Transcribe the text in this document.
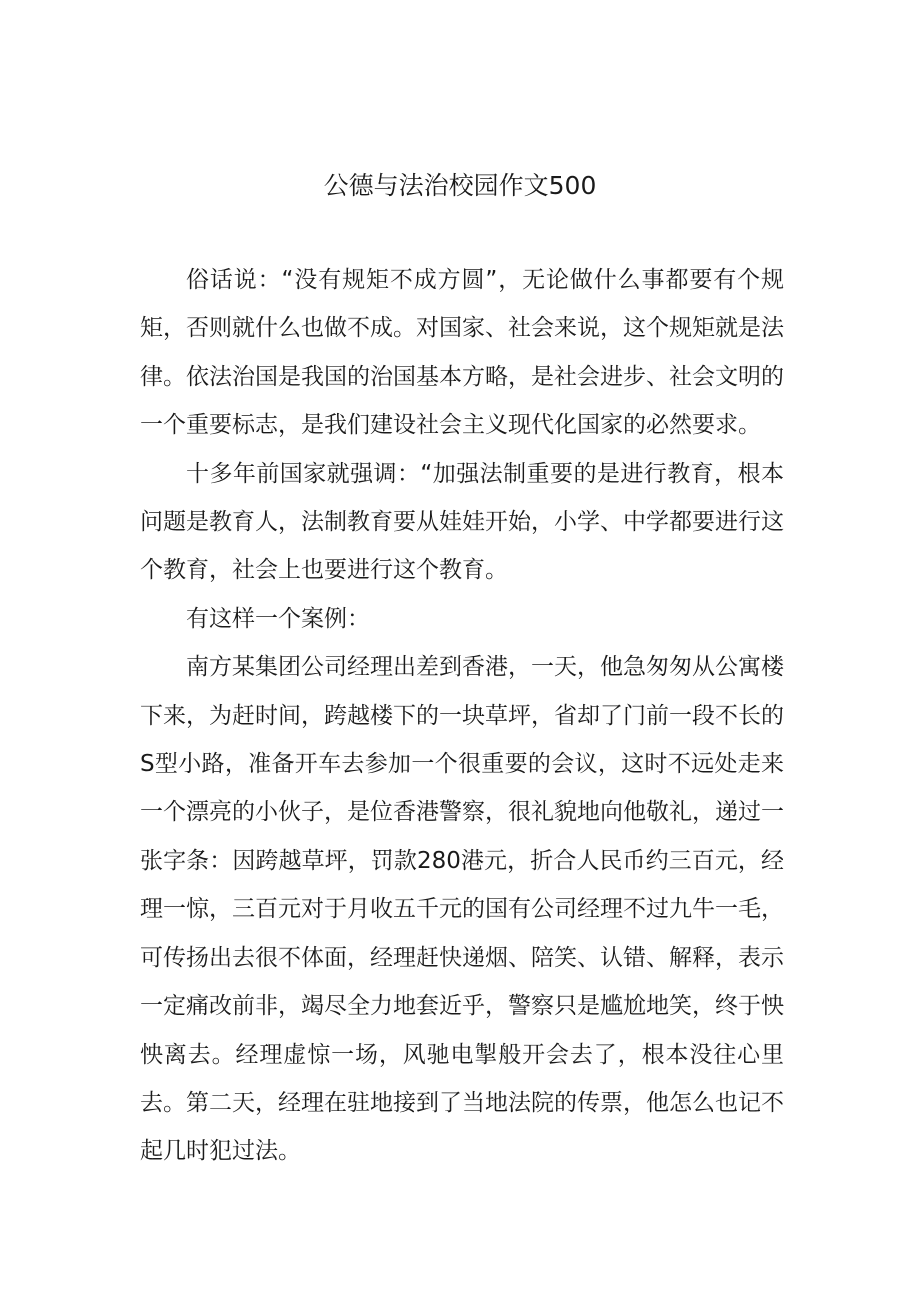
公德与法治校园作文500

俗话说：“没有规矩不成方圆”，无论做什么事都要有个规矩，否则就什么也做不成。对国家、社会来说，这个规矩就是法律。依法治国是我国的治国基本方略，是社会进步、社会文明的一个重要标志，是我们建设社会主义现代化国家的必然要求。

十多年前国家就强调：“加强法制重要的是进行教育，根本问题是教育人，法制教育要从娃娃开始，小学、中学都要进行这个教育，社会上也要进行这个教育。

有这样一个案例：

南方某集团公司经理出差到香港，一天，他急匆匆从公寓楼下来，为赶时间，跨越楼下的一块草坪，省却了门前一段不长的S型小路，准备开车去参加一个很重要的会议，这时不远处走来一个漂亮的小伙子，是位香港警察，很礼貌地向他敬礼，递过一张字条：因跨越草坪，罚款280港元，折合人民币约三百元，经理一惊，三百元对于月收五千元的国有公司经理不过九牛一毛，可传扬出去很不体面，经理赶快递烟、陪笑、认错、解释，表示一定痛改前非，竭尽全力地套近乎，警察只是尴尬地笑，终于怏怏离去。经理虚惊一场，风驰电掣般开会去了，根本没往心里去。第二天，经理在驻地接到了当地法院的传票，他怎么也记不起几时犯过法。
